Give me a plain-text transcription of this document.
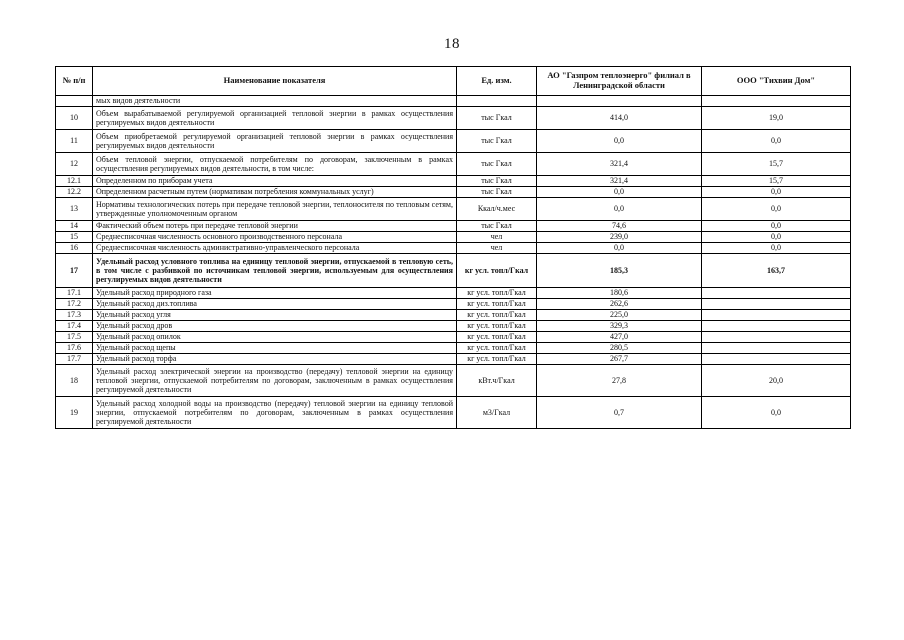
18
№ п/п	Наименование показателя	Ед. изм.	АО "Газпром теплоэнерго" филиал в Ленинградской области	ООО "Тихвин Дом"
	мых видов деятельности			
10	Объем вырабатываемой регулируемой организацией тепловой энергии в рамках осуществления регулируемых видов деятельности	тыс Гкал	414,0	19,0
11	Объем приобретаемой регулируемой организацией тепловой энергии в рамках осуществления регулируемых видов деятельности	тыс Гкал	0,0	0,0
12	Объем тепловой энергии, отпускаемой потребителям по договорам, заключенным в рамках осуществления регулируемых видов деятельности, в том числе:	тыс Гкал	321,4	15,7
12.1	Определенном по приборам учета	тыс Гкал	321,4	15,7
12.2	Определенном расчетным путем (нормативам потребления коммунальных услуг)	тыс Гкал	0,0	0,0
13	Нормативы технологических потерь при передаче тепловой энергии, теплоносителя по тепловым сетям, утвержденные уполномоченным органом	Ккал/ч.мес	0,0	0,0
14	Фактический объем потерь при передаче тепловой энергии	тыс Гкал	74,6	0,0
15	Среднесписочная численность основного производственного персонала	чел	239,0	0,0
16	Среднесписочная численность административно-управленческого персонала	чел	0,0	0,0
17	Удельный расход условного топлива на единицу тепловой энергии, отпускаемой в тепловую сеть, в том числе с разбивкой по источникам тепловой энергии, используемым для осуществления регулируемых видов деятельности	кг усл. топл/Гкал	185,3	163,7
17.1	Удельный расход природного газа	кг усл. топл/Гкал	180,6	
17.2	Удельный расход диз.топлива	кг усл. топл/Гкал	262,6	
17.3	Удельный расход угля	кг усл. топл/Гкал	225,0	
17.4	Удельный расход дров	кг усл. топл/Гкал	329,3	
17.5	Удельный расход опилок	кг усл. топл/Гкал	427,0	
17.6	Удельный расход щепы	кг усл. топл/Гкал	280,5	
17.7	Удельный расход торфа	кг усл. топл/Гкал	267,7	
18	Удельный расход электрической энергии на производство (передачу) тепловой энергии на единицу тепловой энергии, отпускаемой потребителям по договорам, заключенным в рамках осуществления регулируемой деятельности	кВт.ч/Гкал	27,8	20,0
19	Удельный расход холодной воды на производство (передачу) тепловой энергии на единицу тепловой энергии, отпускаемой потребителям по договорам, заключенным в рамках осуществления регулируемой деятельности	м3/Гкал	0,7	0,0
